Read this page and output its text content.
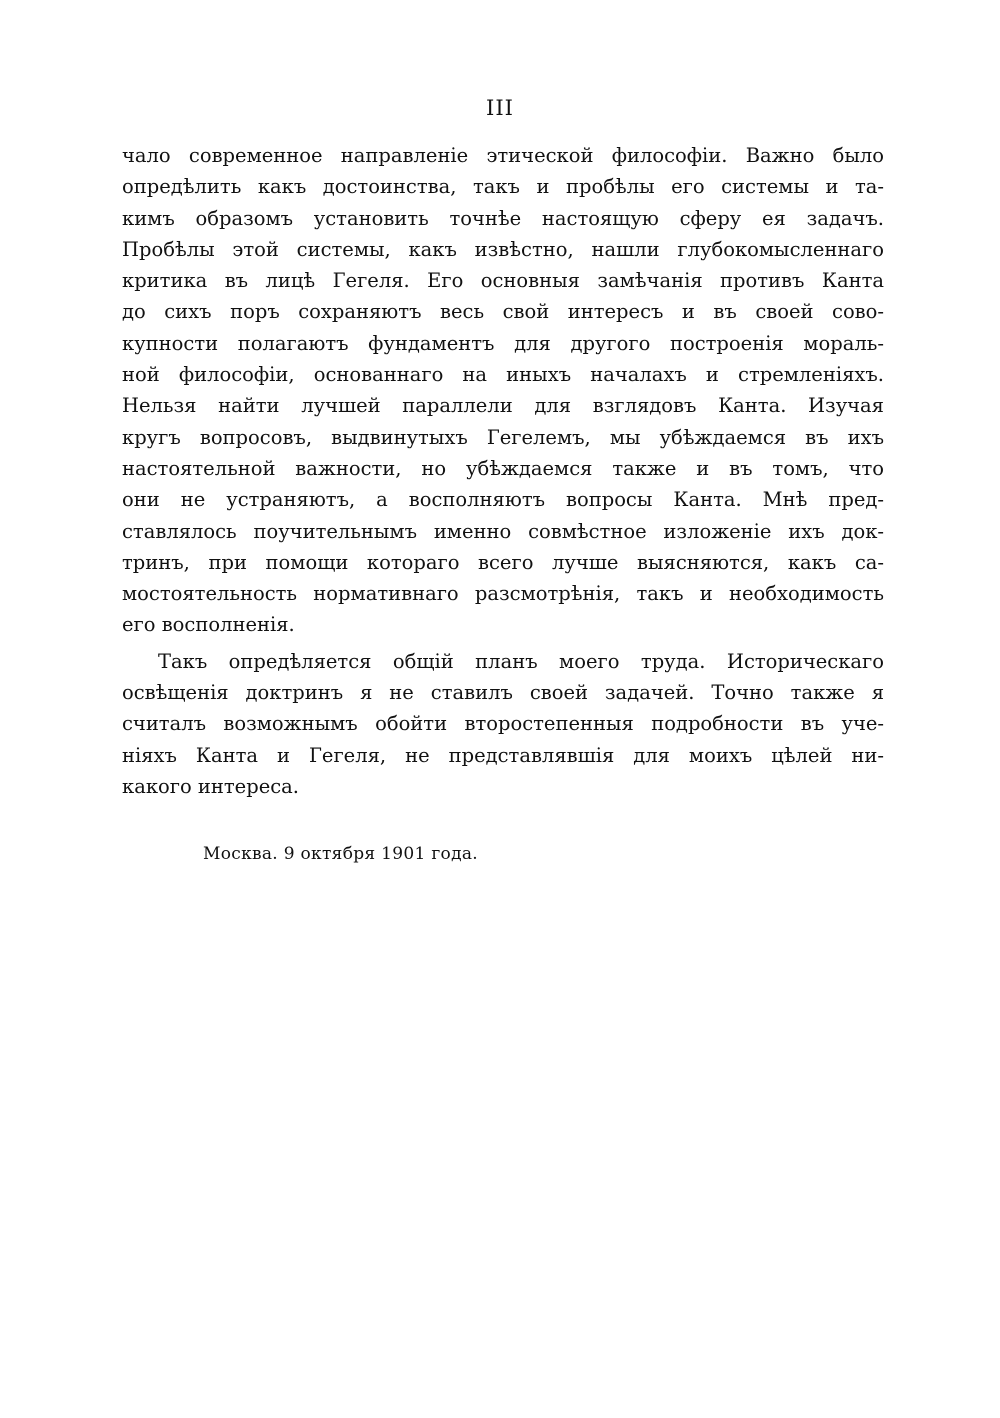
III
чало современное направленіе этической философіи. Важно было
опредѣлить какъ достоинства, такъ и пробѣлы его системы и та-
кимъ образомъ установить точнѣе настоящую сферу ея задачъ.
Пробѣлы этой системы, какъ извѣстно, нашли глубокомысленнаго
критика въ лицѣ Гегеля. Его основныя замѣчанія противъ Канта
до сихъ поръ сохраняютъ весь свой интересъ и въ своей сово-
купности полагаютъ фундаментъ для другого построенія мораль-
ной философіи, основаннаго на иныхъ началахъ и стремленіяхъ.
Нельзя найти лучшей параллели для взглядовъ Канта. Изучая
кругъ вопросовъ, выдвинутыхъ Гегелемъ, мы убѣждаемся въ ихъ
настоятельной важности, но убѣждаемся также и въ томъ, что
они не устраняютъ, а восполняютъ вопросы Канта. Мнѣ пред-
ставлялось поучительнымъ именно совмѣстное изложеніе ихъ док-
тринъ, при помощи котораго всего лучше выясняются, какъ са-
мостоятельность нормативнаго разсмотрѣнія, такъ и необходимость
его восполненія.
Такъ опредѣляется общій планъ моего труда. Историческаго
освѣщенія доктринъ я не ставилъ своей задачей. Точно также я
считалъ возможнымъ обойти второстепенныя подробности въ уче-
ніяхъ Канта и Гегеля, не представлявшія для моихъ цѣлей ни-
какого интереса.
Москва. 9 октября 1901 года.
